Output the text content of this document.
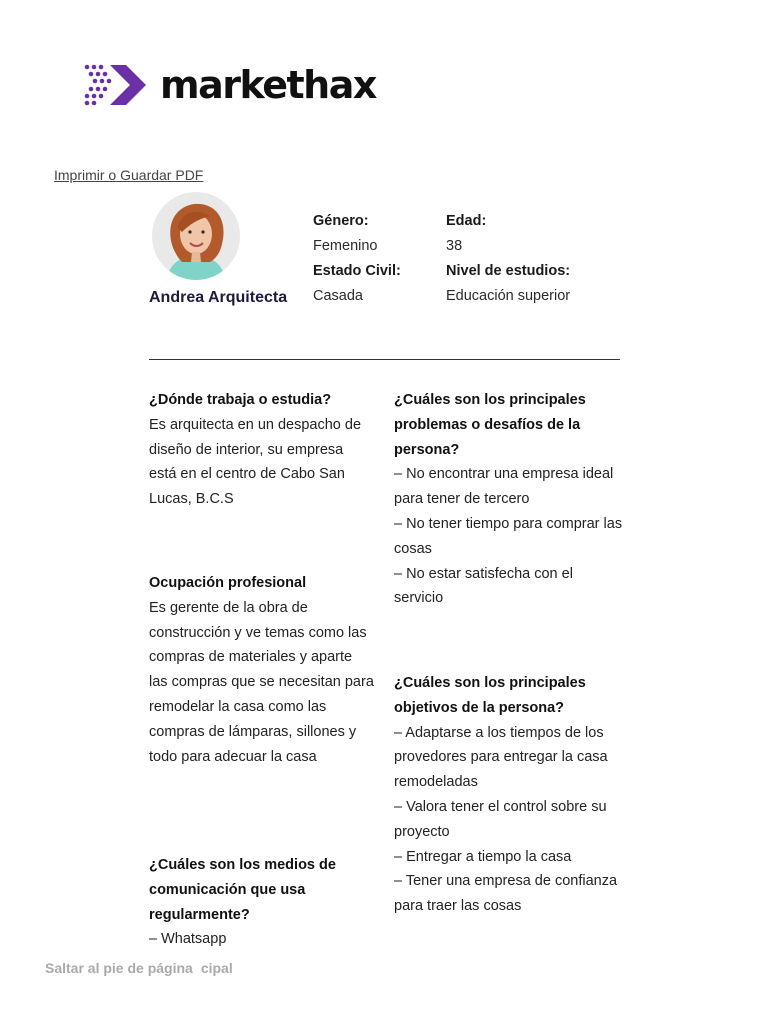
markethax
Imprimir o Guardar PDF
Andrea Arquitecta
Género:
Femenino
Edad:
38
Estado Civil:
Casada
Nivel de estudios:
Educación superior
¿Dónde trabaja o estudia?
Es arquitecta en un despacho de diseño de interior, su empresa está en el centro de Cabo San Lucas, B.C.S
Ocupación profesional
Es gerente de la obra de construcción y ve temas como las compras de materiales y aparte las compras que se necesitan para remodelar la casa como las compras de lámparas, sillones y todo para adecuar la casa
¿Cuáles son los medios de comunicación que usa regularmente?
– Whatsapp
¿Cuáles son los principales problemas o desafíos de la persona?
– No encontrar una empresa ideal para tener de tercero
– No tener tiempo para comprar las cosas
– No estar satisfecha con el servicio
¿Cuáles son los principales objetivos de la persona?
– Adaptarse a los tiempos de los provedores para entregar la casa remodeladas
– Valora tener el control sobre su proyecto
– Entregar a tiempo la casa
– Tener una empresa de confianza para traer las cosas
Saltar al pie de página cipal
